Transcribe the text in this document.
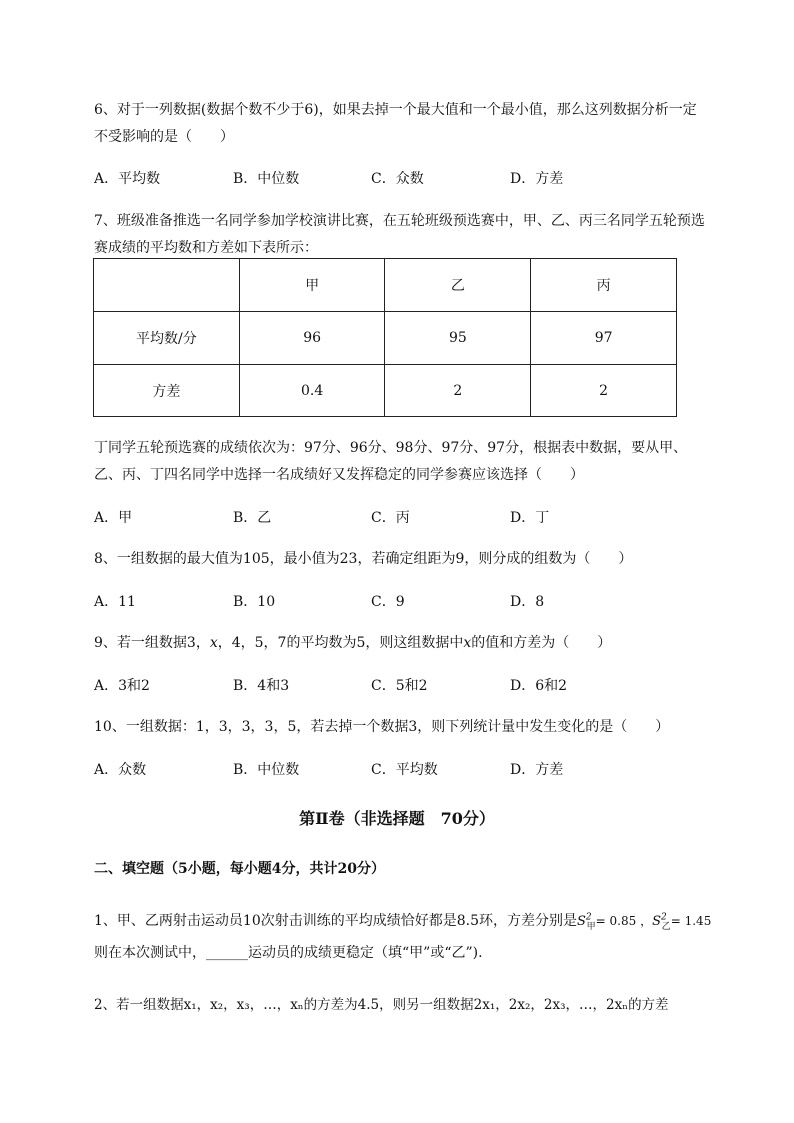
6、对于一列数据(数据个数不少于6)，如果去掉一个最大值和一个最小值，那么这列数据分析一定
不受影响的是（　　）
A．平均数	B．中位数	C．众数	D．方差
7、班级准备推选一名同学参加学校演讲比赛，在五轮班级预选赛中，甲、乙、丙三名同学五轮预选
赛成绩的平均数和方差如下表所示：
	甲	乙	丙
平均数/分	96	95	97
方差	0.4	2	2
丁同学五轮预选赛的成绩依次为：97分、96分、98分、97分、97分，根据表中数据，要从甲、
乙、丙、丁四名同学中选择一名成绩好又发挥稳定的同学参赛应该选择（　　）
A．甲	B．乙	C．丙	D．丁
8、一组数据的最大值为105，最小值为23，若确定组距为9，则分成的组数为（　　）
A．11	B．10	C．9	D．8
9、若一组数据3，x，4，5，7的平均数为5，则这组数据中x的值和方差为（　　）
A．3和2	B．4和3	C．5和2	D．6和2
10、一组数据：1，3，3，3，5，若去掉一个数据3，则下列统计量中发生变化的是（　　）
A．众数	B．中位数	C．平均数	D．方差
第Ⅱ卷（非选择题　70分）
二、填空题（5小题，每小题4分，共计20分）
1、甲、乙两射击运动员10次射击训练的平均成绩恰好都是8.5环，方差分别是$S^2_甲= 0.85$ ，$S^2_乙= 1.45$
则在本次测试中，______运动员的成绩更稳定（填“甲”或“乙”).
2、若一组数据x₁，x₂，x₃，…，xₙ的方差为4.5，则另一组数据2x₁，2x₂，2x₃，…，2xₙ的方差
